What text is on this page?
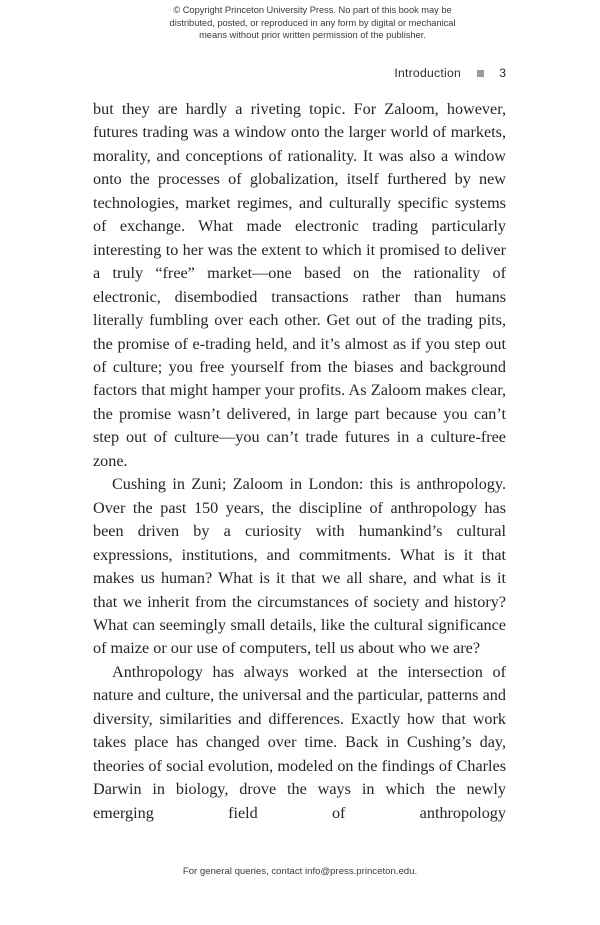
© Copyright Princeton University Press. No part of this book may be
distributed, posted, or reproduced in any form by digital or mechanical
means without prior written permission of the publisher.
Introduction	3

but they are hardly a riveting topic. For Zaloom, however, futures trading was a window onto the larger world of markets, morality, and conceptions of rationality. It was also a window onto the processes of globalization, itself furthered by new technologies, market regimes, and culturally specific systems of exchange. What made electronic trading particularly interesting to her was the extent to which it promised to deliver a truly “free” market—one based on the rationality of electronic, disembodied transactions rather than humans literally fumbling over each other. Get out of the trading pits, the promise of e-trading held, and it’s almost as if you step out of culture; you free yourself from the biases and background factors that might hamper your profits. As Zaloom makes clear, the promise wasn’t delivered, in large part because you can’t step out of culture—you can’t trade futures in a culture-free zone.

Cushing in Zuni; Zaloom in London: this is anthropology. Over the past 150 years, the discipline of anthropology has been driven by a curiosity with humankind’s cultural expressions, institutions, and commitments. What is it that makes us human? What is it that we all share, and what is it that we inherit from the circumstances of society and history? What can seemingly small details, like the cultural significance of maize or our use of computers, tell us about who we are?

Anthropology has always worked at the intersection of nature and culture, the universal and the particular, patterns and diversity, similarities and differences. Exactly how that work takes place has changed over time. Back in Cushing’s day, theories of social evolution, modeled on the findings of Charles Darwin in biology, drove the ways in which the newly emerging field of anthropology

For general queries, contact info@press.princeton.edu.
